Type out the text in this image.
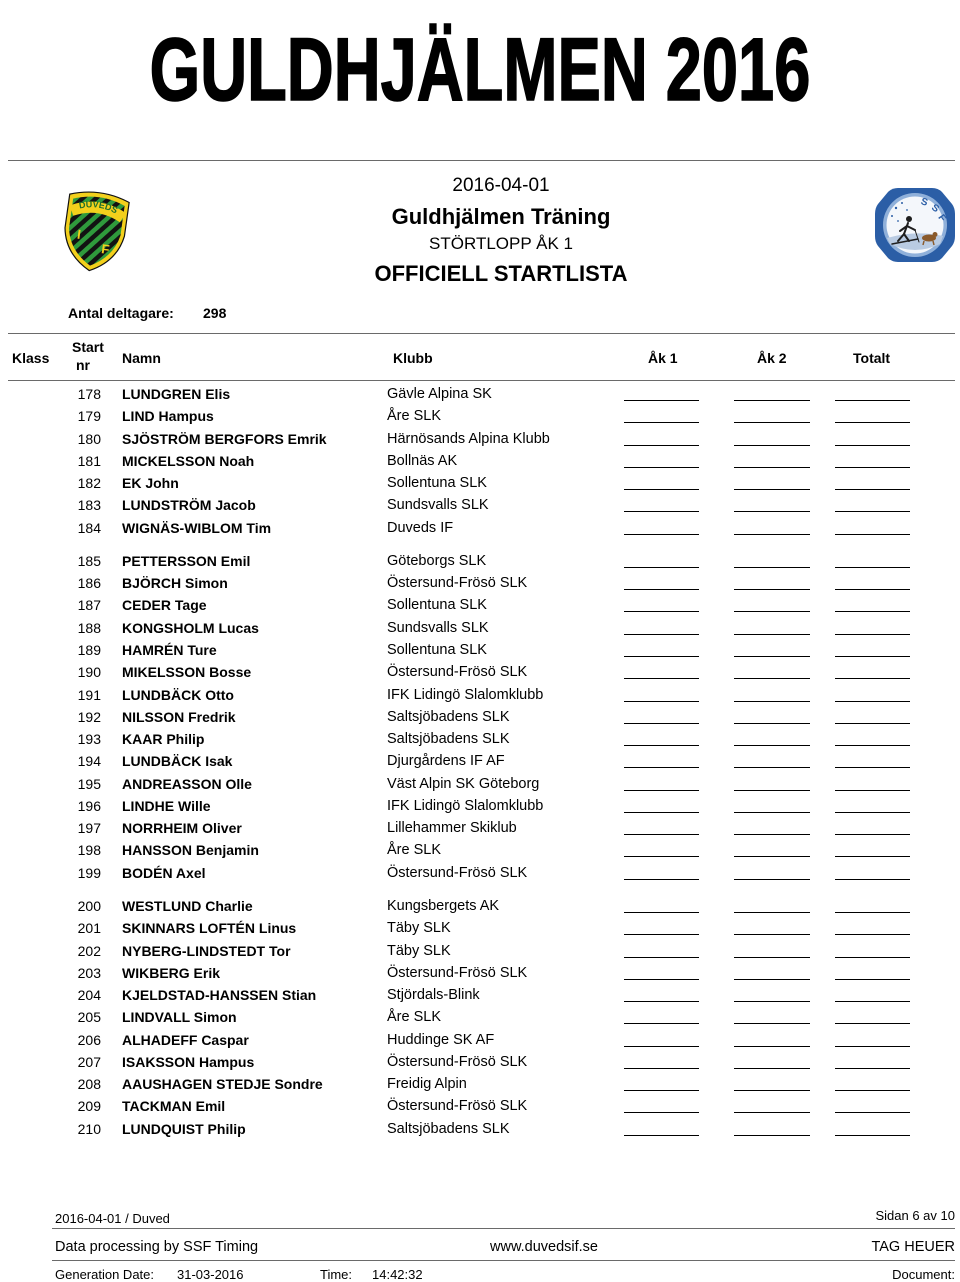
GULDHJÄLMEN 2016
DUVEDS
I
F
S S
F
2016-04-01
Guldhjälmen Träning
STÖRTLOPP ÅK 1
OFFICIELL STARTLISTA
Antal deltagare: 298
Klass
Start
nr Namn	Klubb	Åk 1	Åk 2	Totalt
178 LUNDGREN Elis	Gävle Alpina SK
179 LIND Hampus	Åre SLK
180 SJÖSTRÖM BERGFORS Emrik	Härnösands Alpina Klubb
181 MICKELSSON Noah	Bollnäs AK
182 EK John	Sollentuna SLK
183 LUNDSTRÖM Jacob	Sundsvalls SLK
184 WIGNÄS-WIBLOM Tim	Duveds IF
185 PETTERSSON Emil	Göteborgs SLK
186 BJÖRCH Simon	Östersund-Frösö SLK
187 CEDER Tage	Sollentuna SLK
188 KONGSHOLM Lucas	Sundsvalls SLK
189 HAMRÉN Ture	Sollentuna SLK
190 MIKELSSON Bosse	Östersund-Frösö SLK
191 LUNDBÄCK Otto	IFK Lidingö Slalomklubb
192 NILSSON Fredrik	Saltsjöbadens SLK
193 KAAR Philip	Saltsjöbadens SLK
194 LUNDBÄCK Isak	Djurgårdens IF AF
195 ANDREASSON Olle	Väst Alpin SK Göteborg
196 LINDHE Wille	IFK Lidingö Slalomklubb
197 NORRHEIM Oliver	Lillehammer Skiklub
198 HANSSON Benjamin	Åre SLK
199 BODÉN Axel	Östersund-Frösö SLK
200 WESTLUND Charlie	Kungsbergets AK
201 SKINNARS LOFTÉN Linus	Täby SLK
202 NYBERG-LINDSTEDT Tor	Täby SLK
203 WIKBERG Erik	Östersund-Frösö SLK
204 KJELDSTAD-HANSSEN Stian	Stjördals-Blink
205 LINDVALL Simon	Åre SLK
206 ALHADEFF Caspar	Huddinge SK AF
207 ISAKSSON Hampus	Östersund-Frösö SLK
208 AAUSHAGEN STEDJE Sondre	Freidig Alpin
209 TACKMAN Emil	Östersund-Frösö SLK
210 LUNDQUIST Philip	Saltsjöbadens SLK
2016-04-01 / Duved	Sidan 6 av 10
Data processing by SSF Timing	www.duvedsif.se	TAG HEUER
Generation Date: 31-03-2016	Time: 14:42:32	Document:
